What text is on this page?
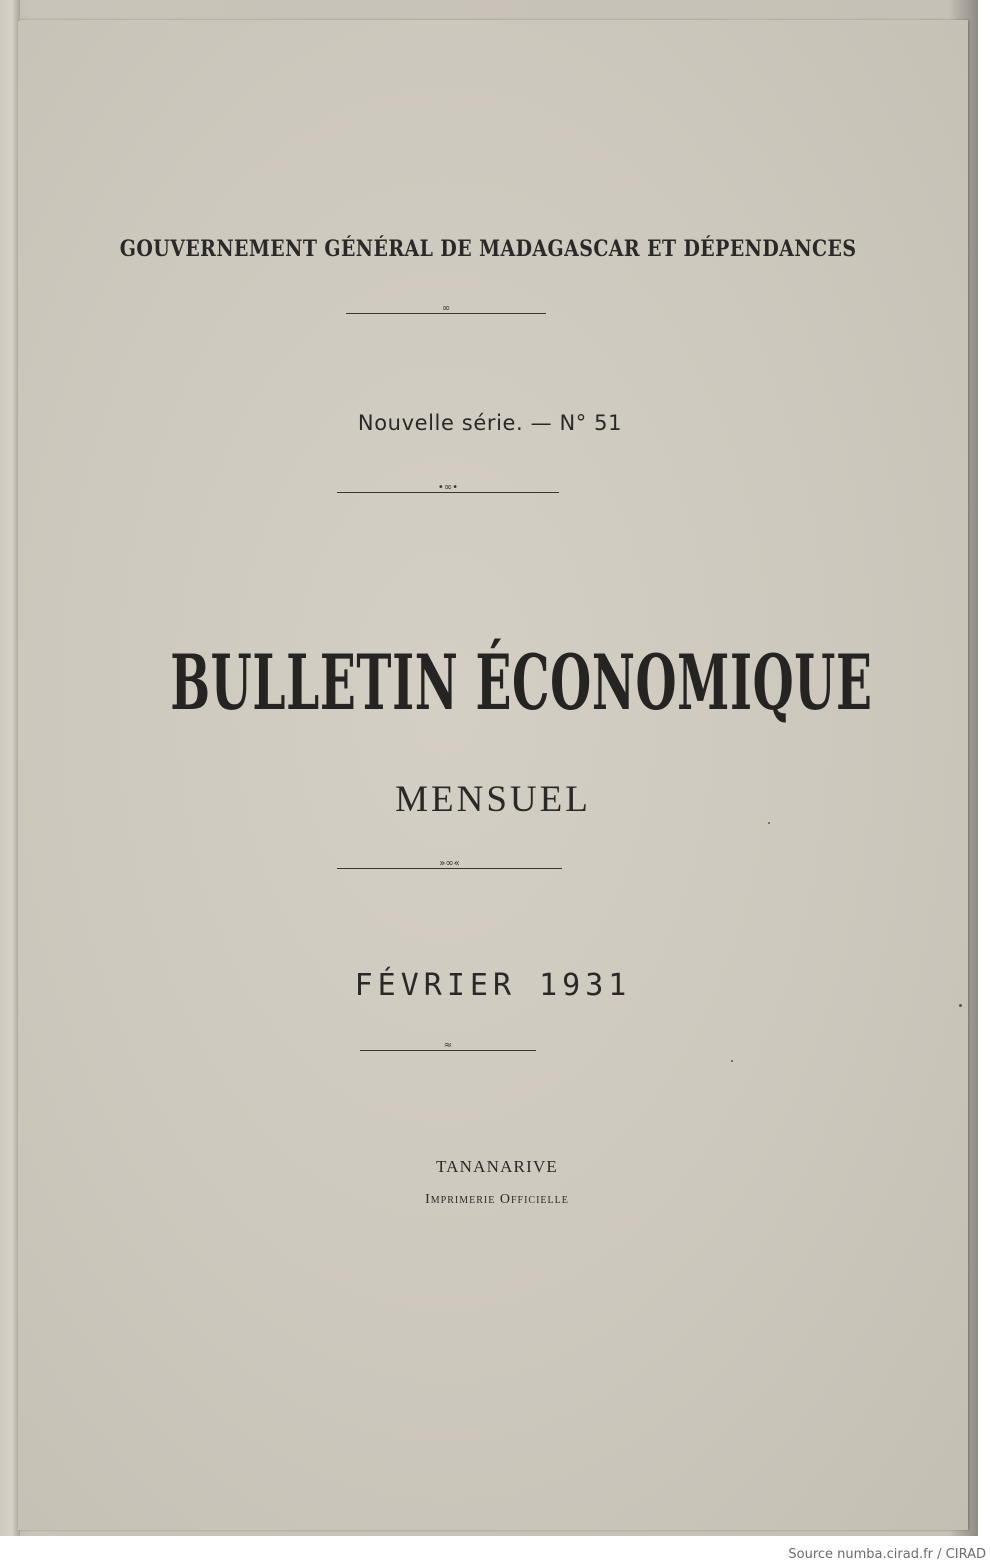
GOUVERNEMENT GÉNÉRAL DE MADAGASCAR ET DÉPENDANCES
∞
Nouvelle série. — N° 51
•∞•
BULLETIN ÉCONOMIQUE
MENSUEL
»∞«
FÉVRIER 1931
≈
TANANARIVE
Imprimerie Officielle
Source numba.cirad.fr / CIRAD
